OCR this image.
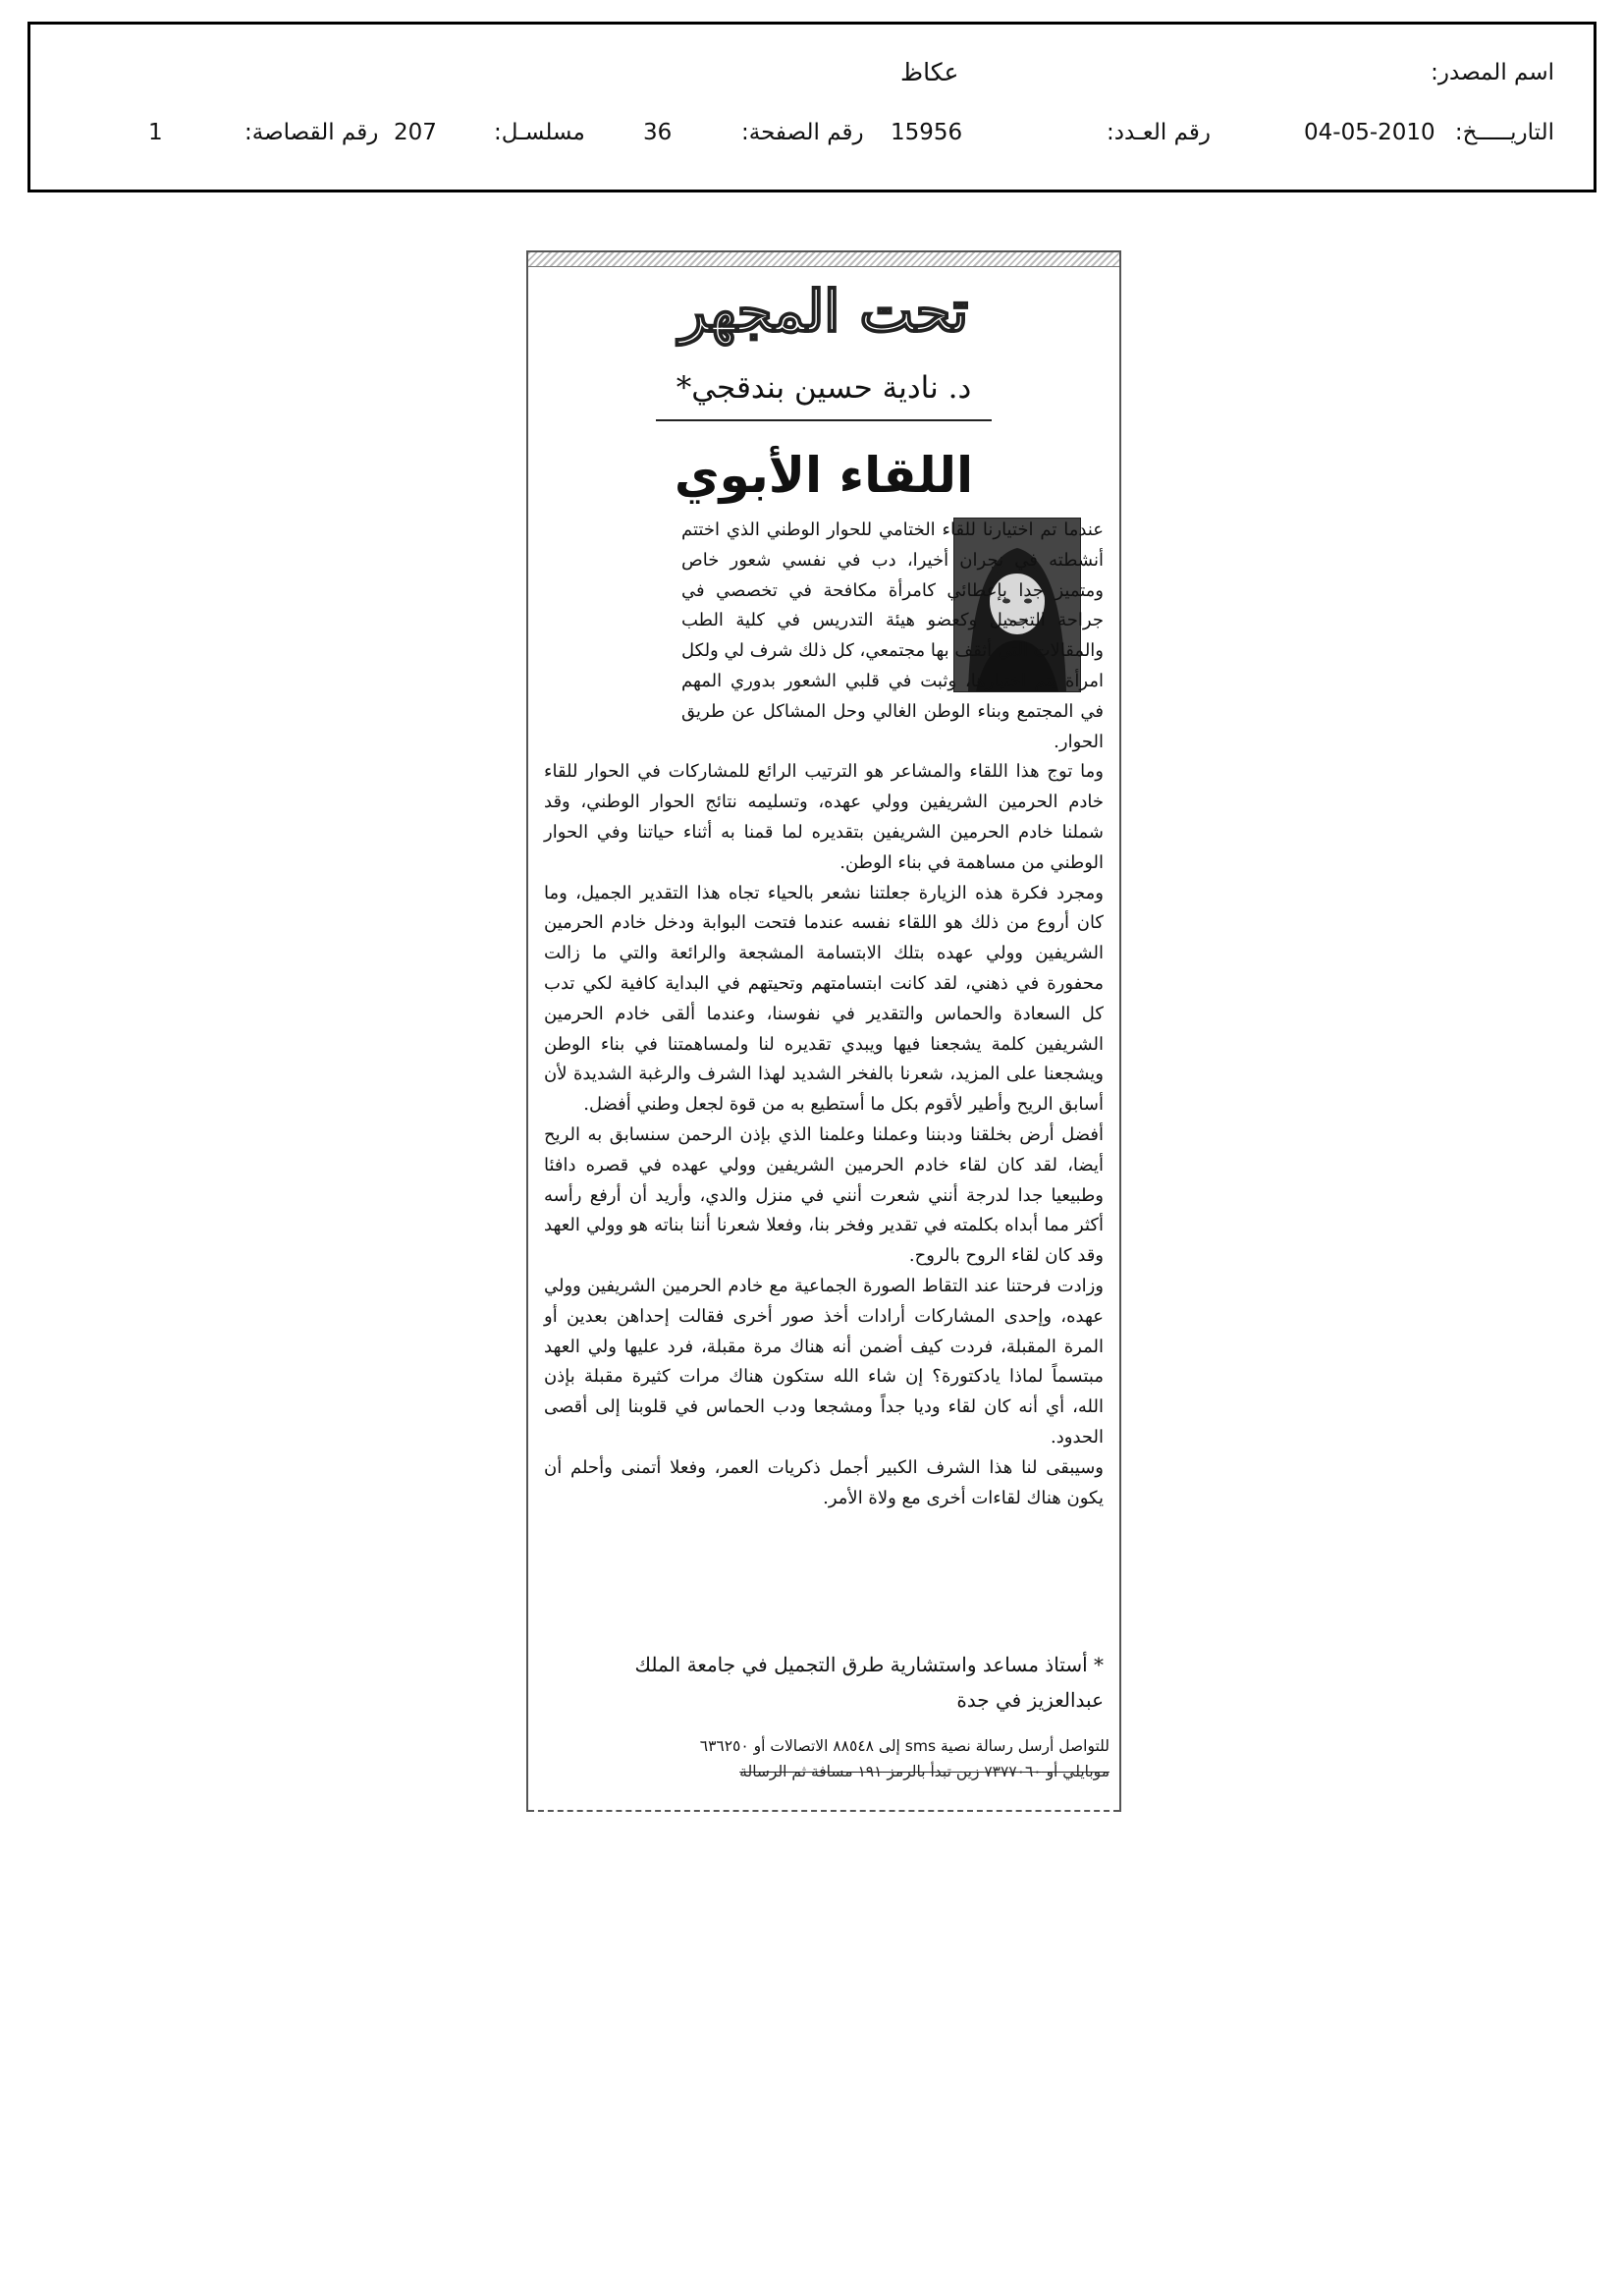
اسم المصدر:
عكاظ
التاريـــــخ:
04-05-2010
رقم العـدد:
15956
رقم الصفحة:
36
مسلسـل:
207
رقم القصاصة:
1
تحت المجهر
د. نادية حسين بندقجي*
اللقاء الأبوي

عندما تم اختيارنا للقاء الختامي للحوار الوطني الذي اختتم أنشطته في نجران أخيرا، دب في نفسي شعور خاص ومتميز جدا بإعطائي كامرأة مكافحة في تخصصي في جراحة التجميل وكعضو هيئة التدريس في كلية الطب والمقالات التي أثقف بها مجتمعي، كل ذلك شرف لي ولكل امرأة يتم اختيارها، وثبت في قلبي الشعور بدوري المهم في المجتمع وبناء الوطن الغالي وحل المشاكل عن طريق الحوار.

وما توج هذا اللقاء والمشاعر هو الترتيب الرائع للمشاركات في الحوار للقاء خادم الحرمين الشريفين وولي عهده، وتسليمه نتائج الحوار الوطني، وقد شملنا خادم الحرمين الشريفين بتقديره لما قمنا به أثناء حياتنا وفي الحوار الوطني من مساهمة في بناء الوطن.

ومجرد فكرة هذه الزيارة جعلتنا نشعر بالحياء تجاه هذا التقدير الجميل، وما كان أروع من ذلك هو اللقاء نفسه عندما فتحت البوابة ودخل خادم الحرمين الشريفين وولي عهده بتلك الابتسامة المشجعة والرائعة والتي ما زالت محفورة في ذهني، لقد كانت ابتسامتهم وتحيتهم في البداية كافية لكي تدب كل السعادة والحماس والتقدير في نفوسنا، وعندما ألقى خادم الحرمين الشريفين كلمة يشجعنا فيها ويبدي تقديره لنا ولمساهمتنا في بناء الوطن ويشجعنا على المزيد، شعرنا بالفخر الشديد لهذا الشرف والرغبة الشديدة لأن أسابق الريح وأطير لأقوم بكل ما أستطيع به من قوة لجعل وطني أفضل.

أفضل أرض بخلقنا ودبننا وعملنا وعلمنا الذي بإذن الرحمن سنسابق به الريح أيضا، لقد كان لقاء خادم الحرمين الشريفين وولي عهده في قصره دافئا وطبيعيا جدا لدرجة أنني شعرت أنني في منزل والدي، وأريد أن أرفع رأسه أكثر مما أبداه بكلمته في تقدير وفخر بنا، وفعلا شعرنا أننا بناته هو وولي العهد وقد كان لقاء الروح بالروح.

وزادت فرحتنا عند التقاط الصورة الجماعية مع خادم الحرمين الشريفين وولي عهده، وإحدى المشاركات أرادات أخذ صور أخرى فقالت إحداهن بعدين أو المرة المقبلة، فردت كيف أضمن أنه هناك مرة مقبلة، فرد عليها ولي العهد مبتسماً لماذا يادكتورة؟ إن شاء الله ستكون هناك مرات كثيرة مقبلة بإذن الله، أي أنه كان لقاء وديا جداً ومشجعا ودب الحماس في قلوبنا إلى أقصى الحدود.

وسيبقى لنا هذا الشرف الكبير أجمل ذكريات العمر، وفعلا أتمنى وأحلم أن يكون هناك لقاءات أخرى مع ولاة الأمر.

* أستاذ مساعد واستشارية طرق التجميل في جامعة الملك عبدالعزيز في جدة
للتواصل أرسل رسالة نصية sms إلى ٨٨٥٤٨ الاتصالات أو ٦٣٦٢٥٠
موبايلي أو ٧٣٧٧٠٦٠ زين تبدأ بالرمز ١٩١ مسافة ثم الرسالة
